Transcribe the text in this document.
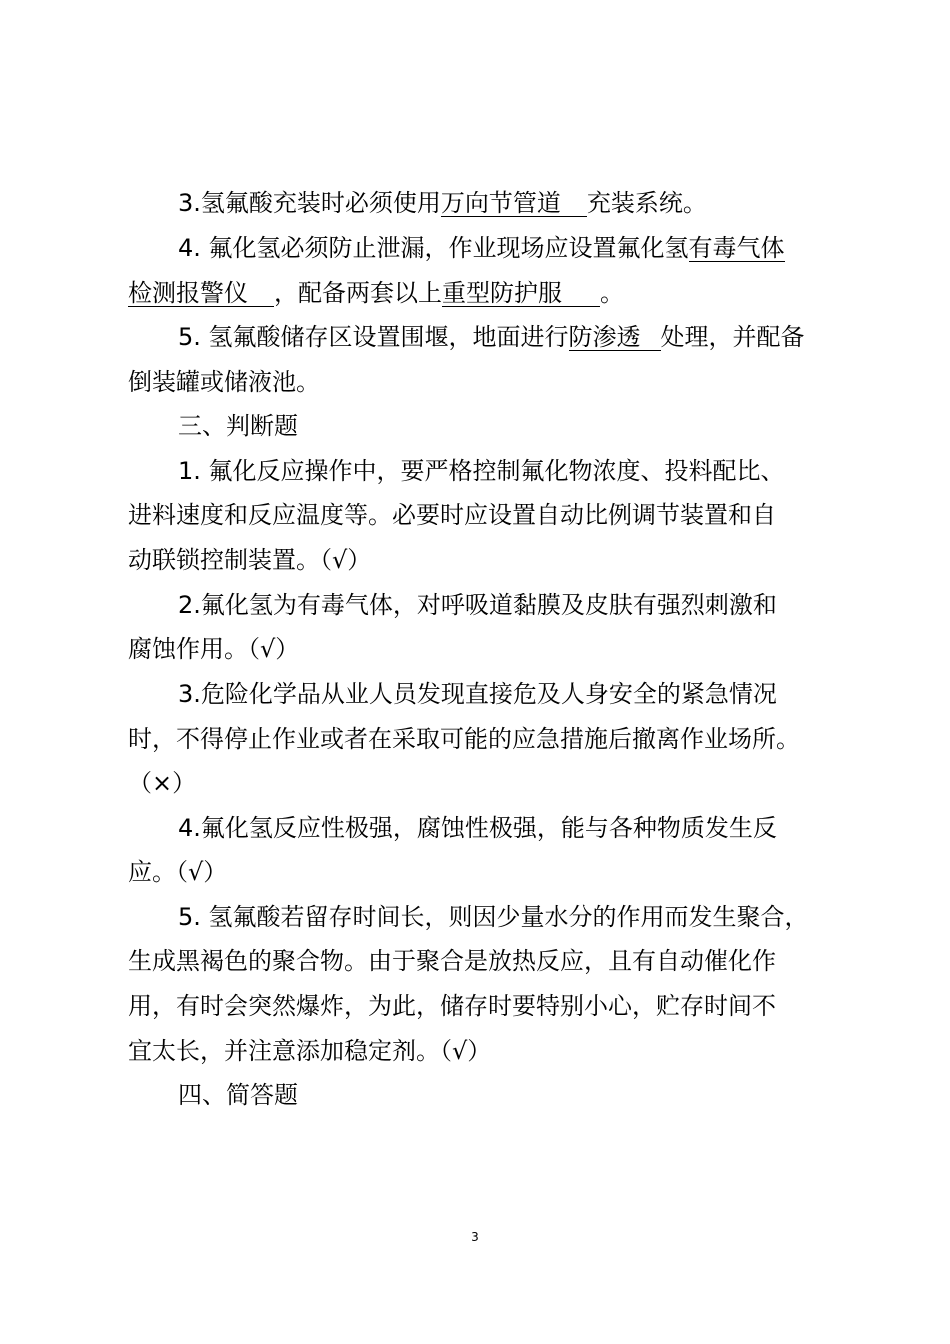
3.氢氟酸充装时必须使用万向节管道 充装系统。
4. 氟化氢必须防止泄漏，作业现场应设置氟化氢有毒气体
检测报警仪 ，配备两套以上重型防护服 。
5. 氢氟酸储存区设置围堰，地面进行防渗透 处理，并配备
倒装罐或储液池。
三、判断题
1. 氟化反应操作中，要严格控制氟化物浓度、投料配比、
进料速度和反应温度等。必要时应设置自动比例调节装置和自
动联锁控制装置。（√）
2.氟化氢为有毒气体，对呼吸道黏膜及皮肤有强烈刺激和
腐蚀作用。（√）
3.危险化学品从业人员发现直接危及人身安全的紧急情况
时，不得停止作业或者在采取可能的应急措施后撤离作业场所。
（×）
4.氟化氢反应性极强，腐蚀性极强，能与各种物质发生反
应。（√）
5. 氢氟酸若留存时间长，则因少量水分的作用而发生聚合，
生成黑褐色的聚合物。由于聚合是放热反应，且有自动催化作
用，有时会突然爆炸，为此，储存时要特别小心，贮存时间不
宜太长，并注意添加稳定剂。（√）
四、简答题
3
